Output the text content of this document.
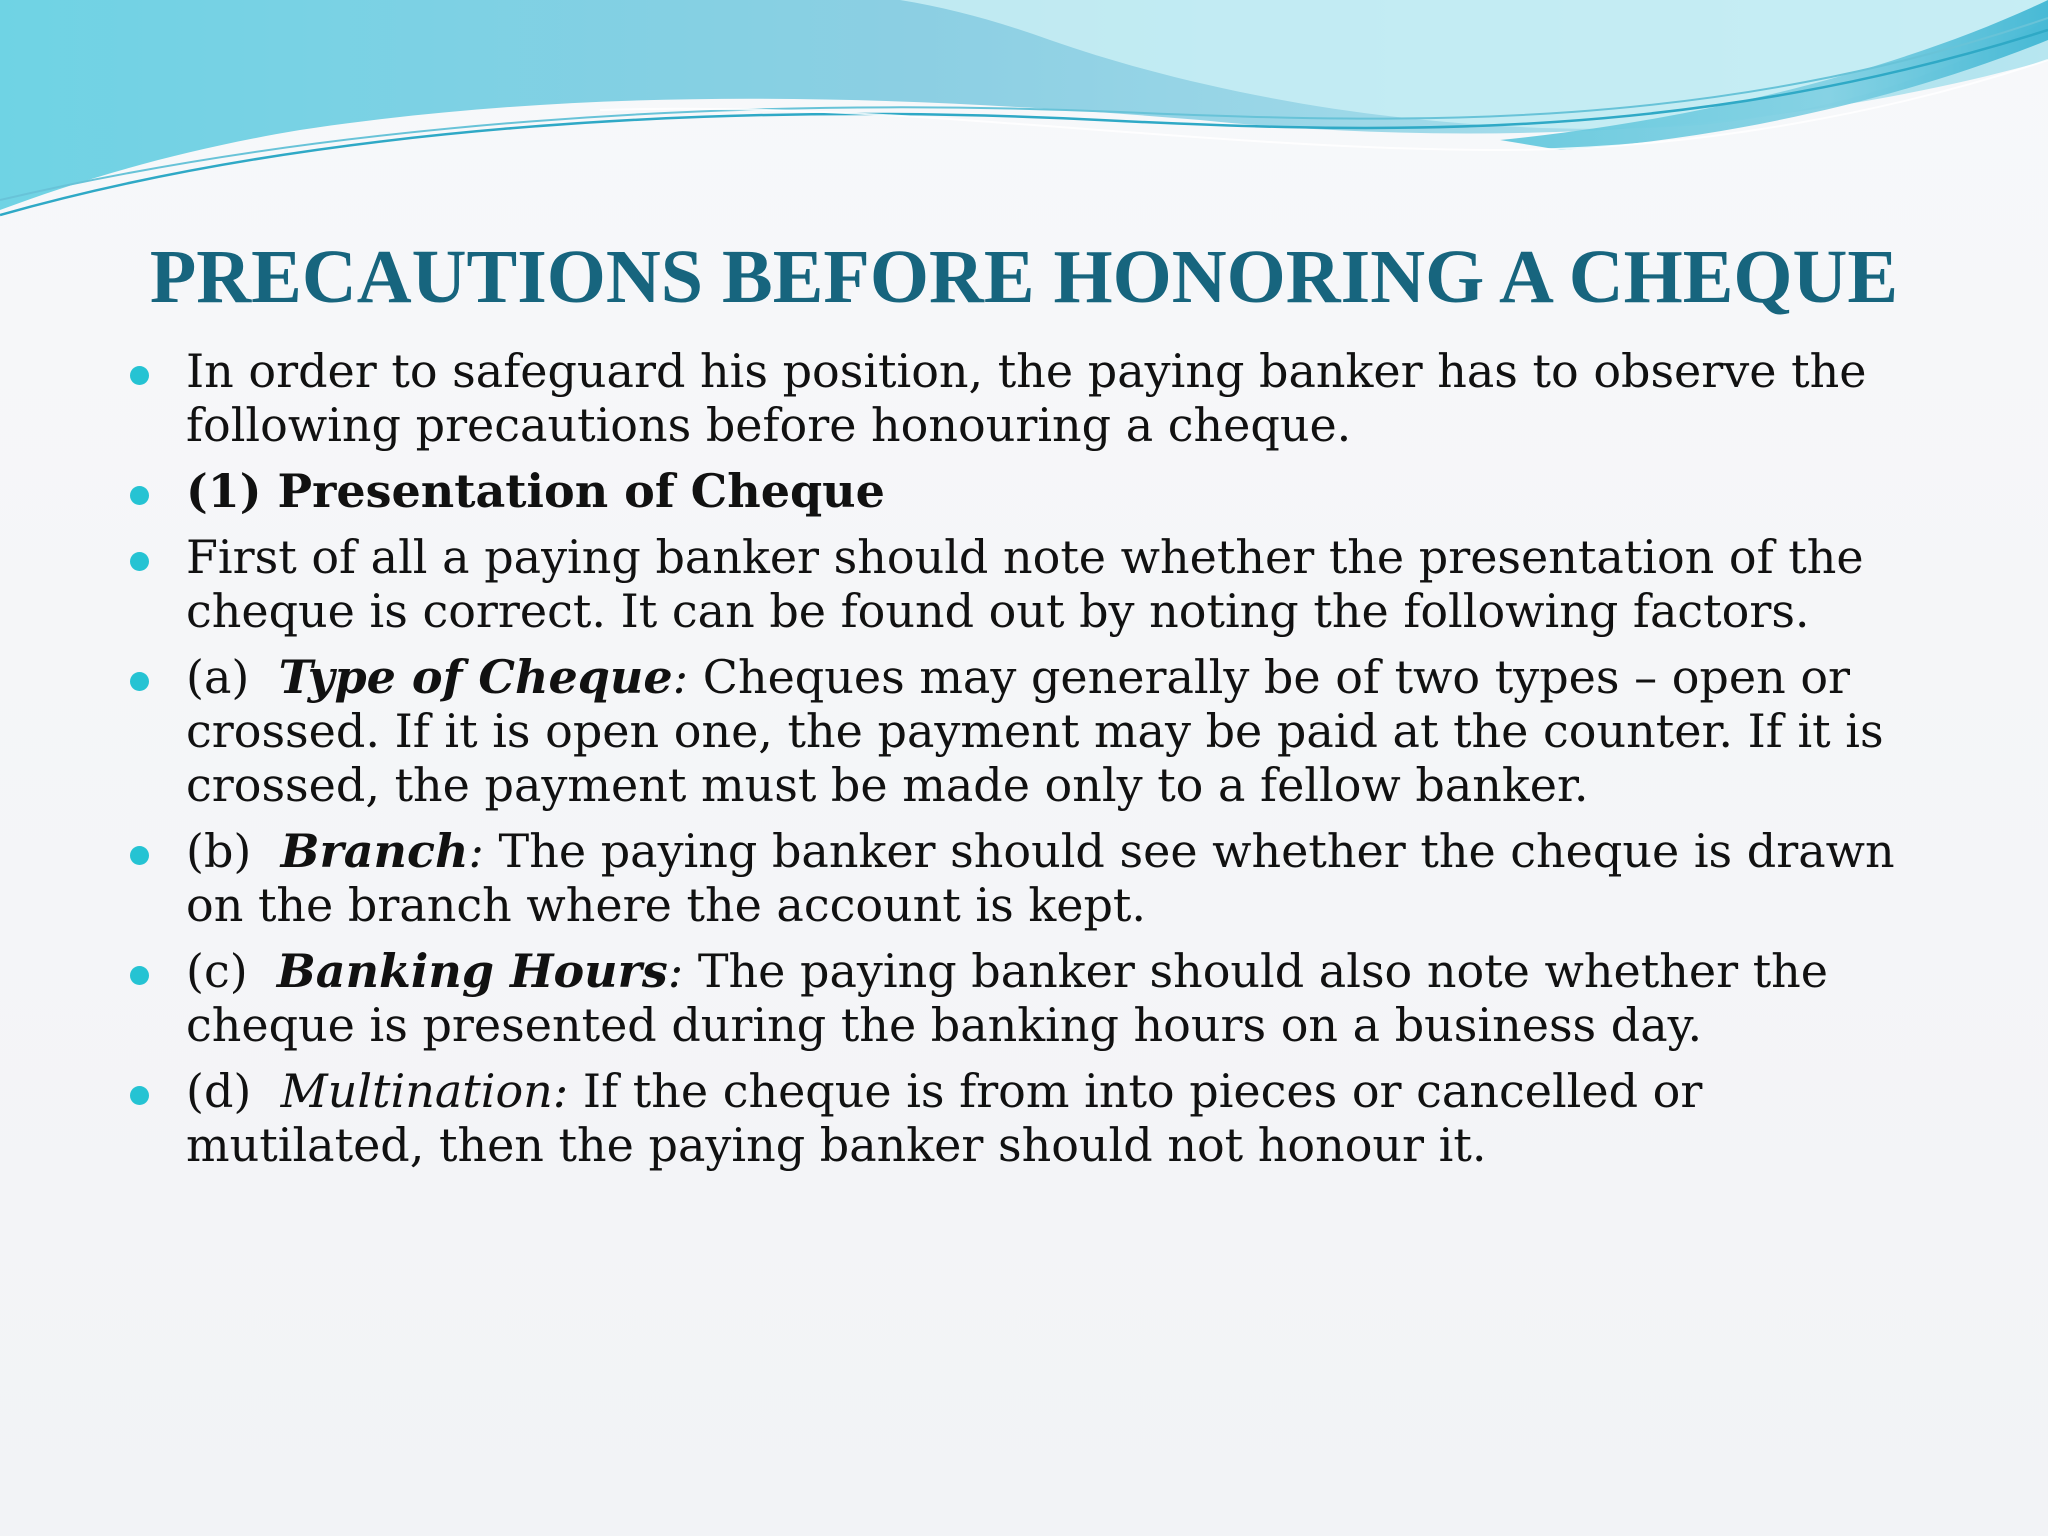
PRECAUTIONS BEFORE HONORING A CHEQUE
In order to safeguard his position, the paying banker has to observe the following precautions before honouring a cheque.
(1) Presentation of Cheque
First of all a paying banker should note whether the presentation of the cheque is correct. It can be found out by noting the following factors.
(a) Type of Cheque: Cheques may generally be of two types – open or crossed. If it is open one, the payment may be paid at the counter. If it is crossed, the payment must be made only to a fellow banker.
(b) Branch: The paying banker should see whether the cheque is drawn on the branch where the account is kept.
(c) Banking Hours: The paying banker should also note whether the cheque is presented during the banking hours on a business day.
(d) Multination: If the cheque is from into pieces or cancelled or mutilated, then the paying banker should not honour it.
